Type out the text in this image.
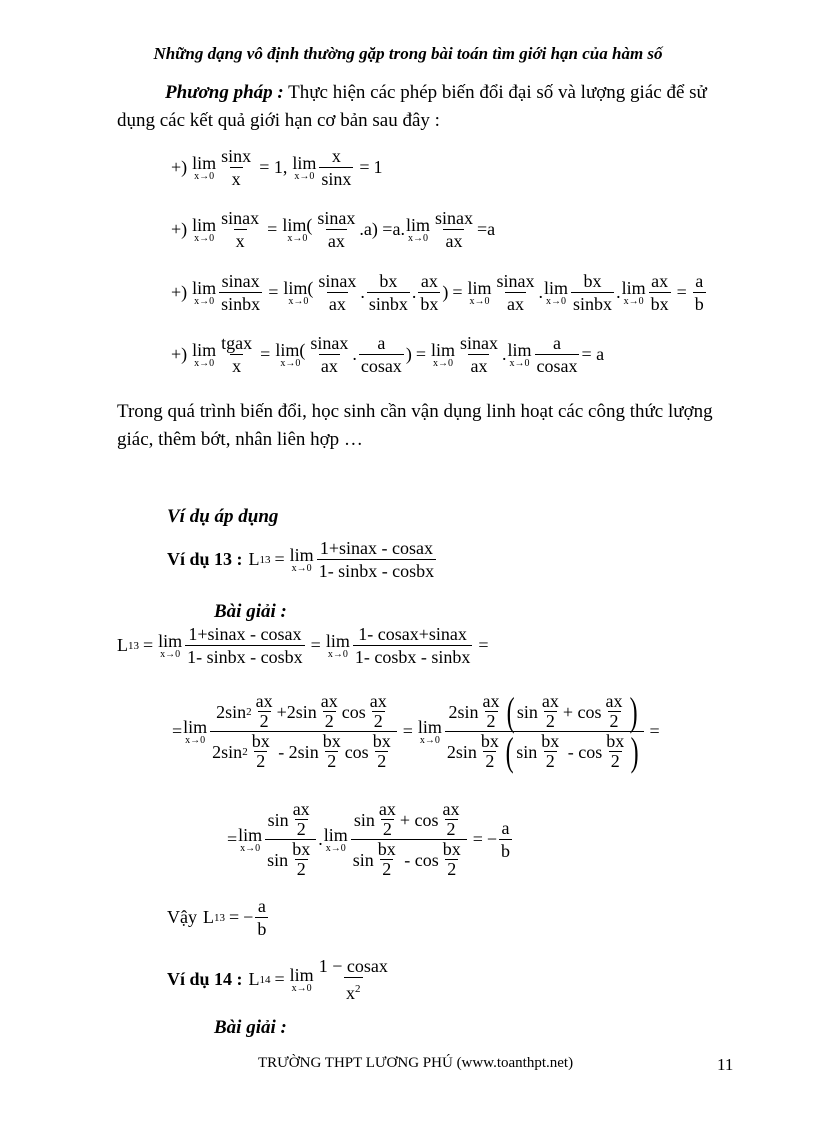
Những dạng vô định thường gặp trong bài toán tìm giới hạn của hàm số
Phương pháp : Thực hiện các phép biến đổi đại số và lượng giác để sử dụng các kết quả giới hạn cơ bản sau đây :
+) lim
$x\to 0 \frac{\sin x}{x} = 1$, lim
$x\to 0 \frac{x}{\sin x} = 1$
+) lim
$x\to 0 \frac{\text{sinax}}{x} = \lim$(
$x\to 0 \frac{\text{sinax}}{ax} .a) =a$. lim
$x\to 0 \frac{\text{sinax}}{ax} =a$
+) lim
$x\to 0 \frac{\text{sinax}}{\text{sinbx}} = \lim$(
$x\to 0 \frac{\text{sinax}}{ax}$ . $\frac{bx}{\text{sinbx}}$ . $\frac{ax}{bx}$ ) = lim
$x\to 0 \frac{\text{sinax}}{ax}$ . lim
$x\to 0 \frac{bx}{\text{sinbx}}$ . lim
$x\to 0 \frac{ax}{bx} = \frac{a}{b}$
+) lim
$x\to 0 \frac{\text{tgax}}{x} = \lim$(
$x\to 0 \frac{\text{sinax}}{ax}$ . $\frac{a}{\text{cosax}}$ ) = lim
$x\to 0 \frac{\text{sinax}}{ax}$ . lim
$x\to 0 \frac{a}{\text{cosax}} = a$
Trong quá trình biến đổi, học sinh cần vận dụng linh hoạt các công thức lượng giác, thêm bớt, nhân liên hợp …
Ví dụ áp dụng
Ví dụ 13 : L 13 = lim
$x\to 0 \frac{\text{1+sinax - cosax}}{\text{1- sinbx - cosbx}}$
Bài giải :
L 13 = lim
$x\to 0 \frac{\text{1+sinax - cosax}}{\text{1- sinbx - cosbx}} = \lim$
$x\to 0 \frac{\text{1- cosax+sinax}}{\text{1- cosbx - sinbx}}$ =
= lim
$x\to 0 \frac{2\sin 2 \frac{ax}{2} +2\sin \frac{ax}{2} \cos \frac{ax}{2}}{2\sin 2 \frac{bx}{2} - 2\sin \frac{bx}{2} \cos \frac{bx}{2}} = \lim$
x→0
$2\sin \frac{ax}{2}$ ( $\sin \frac{ax}{2} + \cos \frac{ax}{2}$ )
$2\sin \frac{bx}{2}$ ( $\sin \frac{bx}{2}$ - $\cos \frac{bx}{2}$ ) =
= lim
$x\to 0 \frac{\sin \frac{ax}{2}}{\sin \frac{bx}{2}}$ . lim
$x\to 0 \frac{\sin \frac{ax}{2} + \cos \frac{ax}{2}}{\sin \frac{bx}{2} - \cos \frac{bx}{2}}$ = − $\frac{a}{b}$
Vậy L 13 = − $\frac{a}{b}$
Ví dụ 14 : L 14 = lim
$x\to 0 \frac{\text{1 − cosax}}{x^2}$
Bài giải :
TRƯỜNG THPT LƯƠNG PHÚ (www.toanthpt.net)	11
